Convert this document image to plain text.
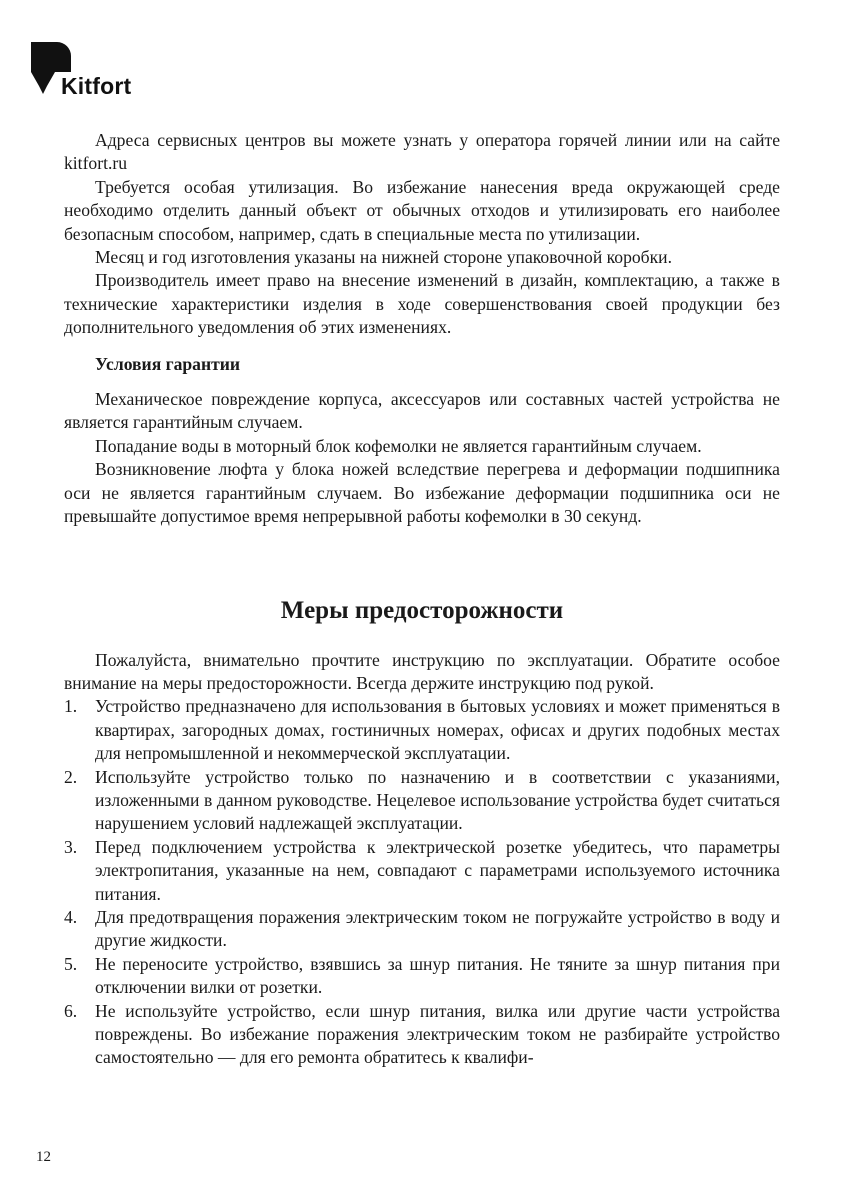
Kitfort

Адреса сервисных центров вы можете узнать у оператора горячей линии или на сайте kitfort.ru

Требуется особая утилизация. Во избежание нанесения вреда окружающей среде необходимо отделить данный объект от обычных отходов и утилизировать его наиболее безопасным способом, например, сдать в специальные места по утилизации.

Месяц и год изготовления указаны на нижней стороне упаковочной коробки.

Производитель имеет право на внесение изменений в дизайн, комплектацию, а также в технические характеристики изделия в ходе совершенствования своей продукции без дополнительного уведомления об этих изменениях.

Условия гарантии

Механическое повреждение корпуса, аксессуаров или составных частей устройства не является гарантийным случаем.

Попадание воды в моторный блок кофемолки не является гарантийным случаем.

Возникновение люфта у блока ножей вследствие перегрева и деформации подшипника оси не является гарантийным случаем. Во избежание деформации подшипника оси не превышайте допустимое время непрерывной работы кофемолки в 30 секунд.

Меры предосторожности

Пожалуйста, внимательно прочтите инструкцию по эксплуатации. Обратите особое внимание на меры предосторожности. Всегда держите инструкцию под рукой.

1. Устройство предназначено для использования в бытовых условиях и может применяться в квартирах, загородных домах, гостиничных номерах, офисах и других подобных местах для непромышленной и некоммерческой эксплуатации.
2. Используйте устройство только по назначению и в соответствии с указаниями, изложенными в данном руководстве. Нецелевое использование устройства будет считаться нарушением условий надлежащей эксплуатации.
3. Перед подключением устройства к электрической розетке убедитесь, что параметры электропитания, указанные на нем, совпадают с параметрами используемого источника питания.
4. Для предотвращения поражения электрическим током не погружайте устройство в воду и другие жидкости.
5. Не переносите устройство, взявшись за шнур питания. Не тяните за шнур питания при отключении вилки от розетки.
6. Не используйте устройство, если шнур питания, вилка или другие части устройства повреждены. Во избежание поражения электрическим током не разбирайте устройство самостоятельно — для его ремонта обратитесь к квалифи-
12
